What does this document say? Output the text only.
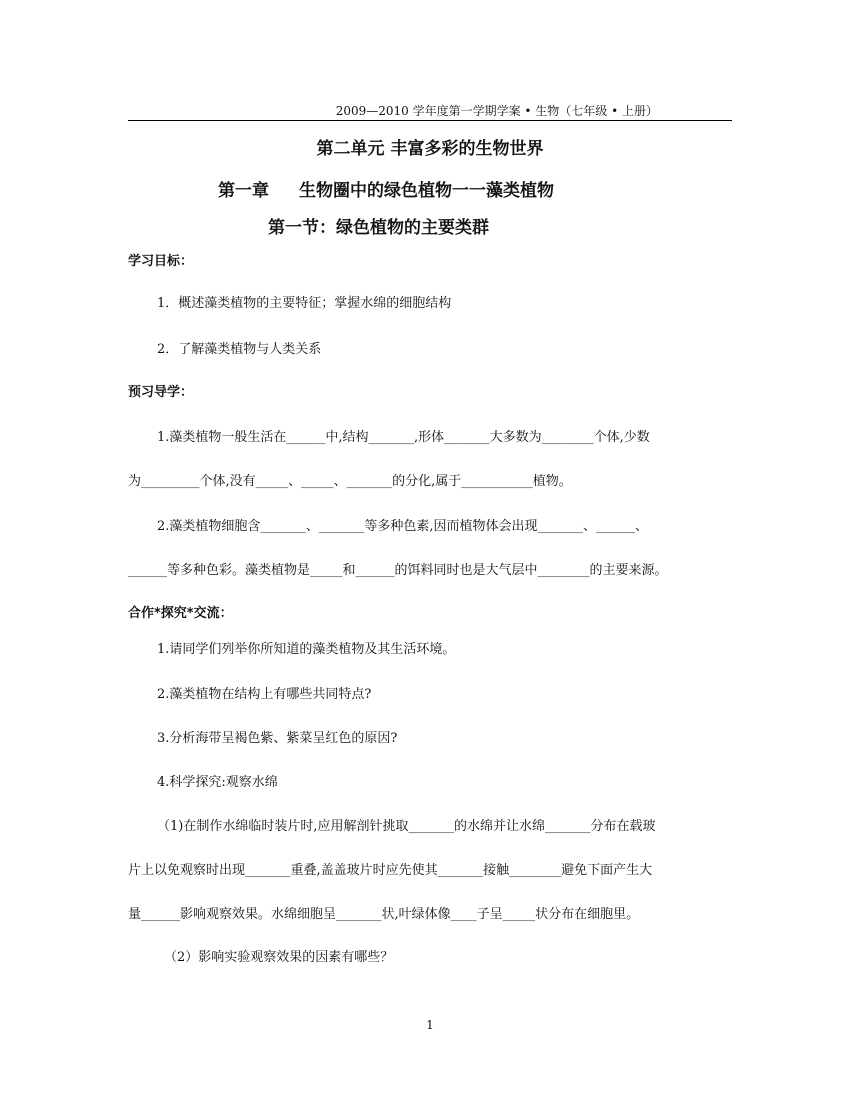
2009—2010 学年度第一学期学案 • 生物（七年级 • 上册）
第二单元 丰富多彩的生物世界
第一章 生物圈中的绿色植物一一藻类植物
第一节：绿色植物的主要类群
学习目标：
1．概述藻类植物的主要特征；掌握水绵的细胞结构
2．了解藻类植物与人类关系
预习导学：
1.藻类植物一般生活在______中,结构_______,形体_______大多数为________个体,少数
为_________个体,没有_____、_____、_______的分化,属于___________植物。
2.藻类植物细胞含_______、_______等多种色素,因而植物体会出现_______、______、
______等多种色彩。藻类植物是_____和______的饵料同时也是大气层中________的主要来源。
合作*探究*交流：
1.请同学们列举你所知道的藻类植物及其生活环境。
2.藻类植物在结构上有哪些共同特点?
3.分析海带呈褐色紫、紫菜呈红色的原因?
4.科学探究:观察水绵
（1)在制作水绵临时装片时,应用解剖针挑取_______的水绵并让水绵_______分布在载玻
片上以免观察时出现_______重叠,盖盖玻片时应先使其_______接触________避免下面产生大
量______影响观察效果。水绵细胞呈_______状,叶绿体像____子呈_____状分布在细胞里。
（2）影响实验观察效果的因素有哪些？
1
